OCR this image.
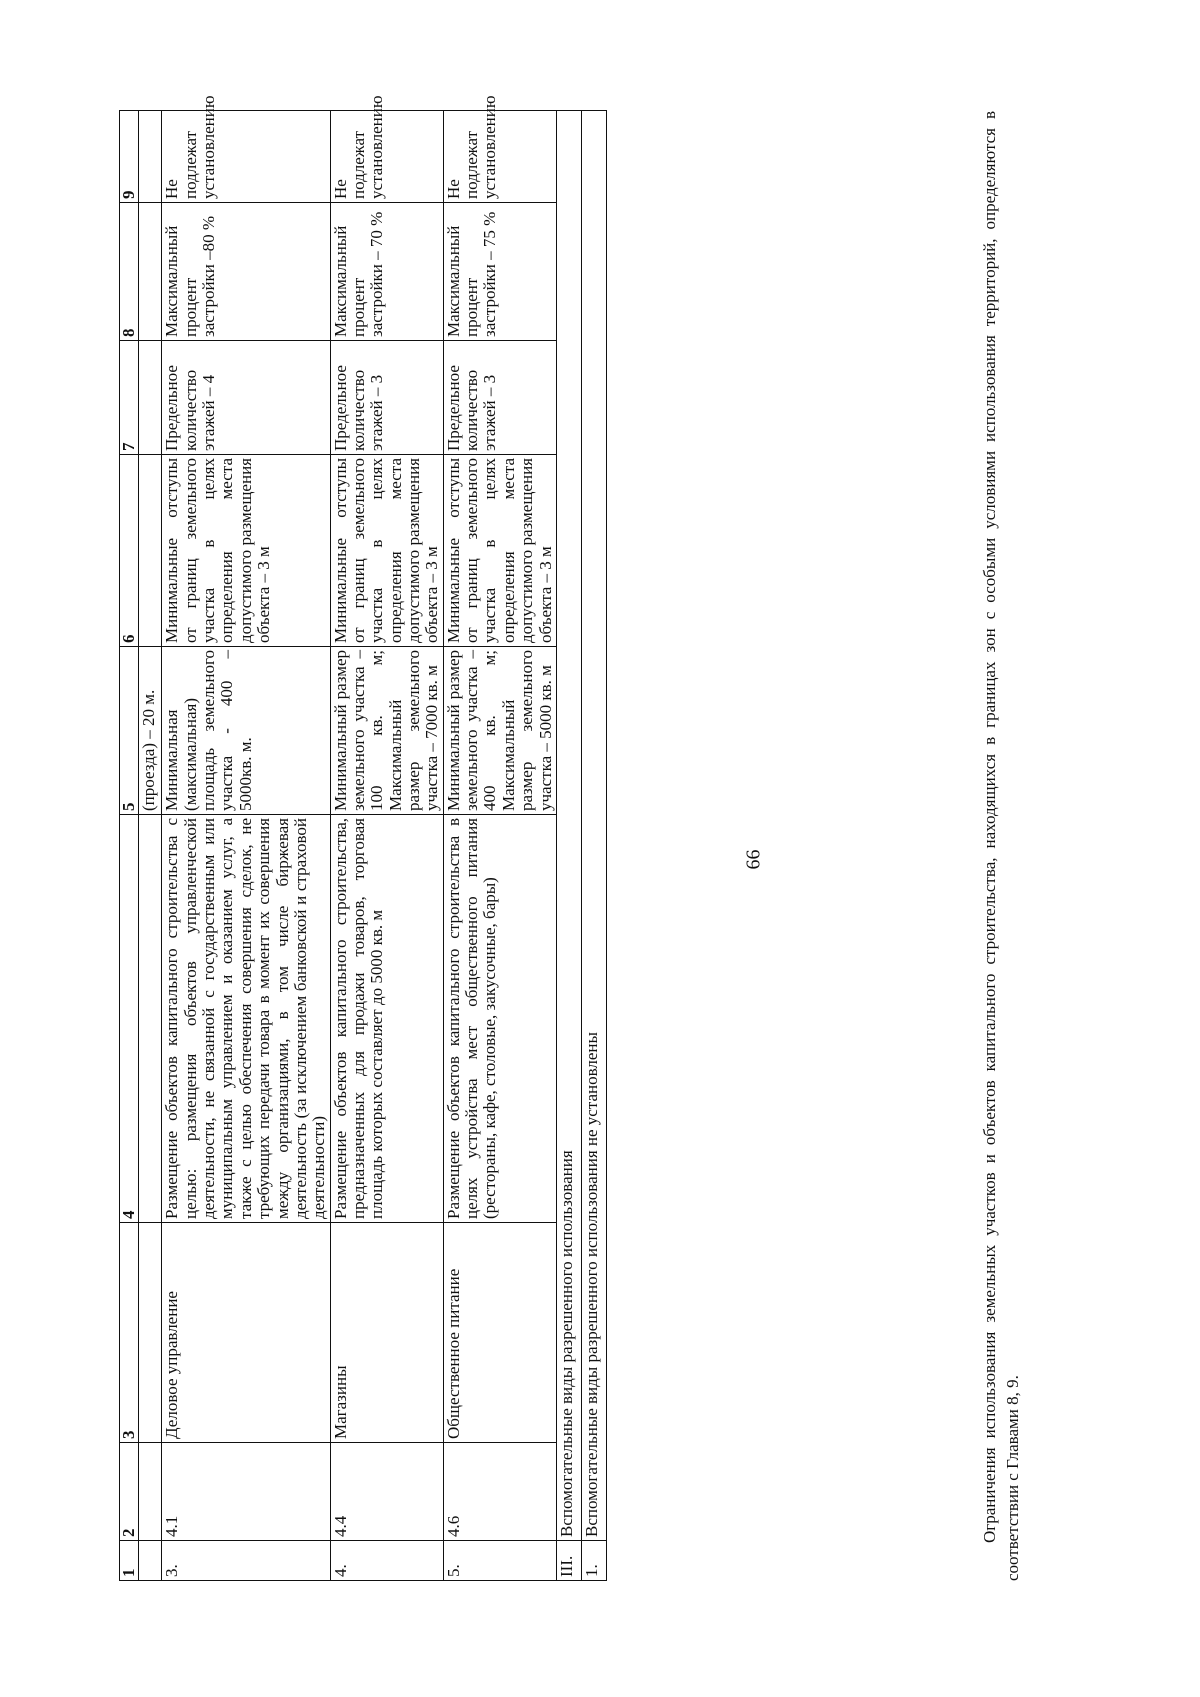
66
1	2	3	4	5	6	7	8	9
				(проезда) – 20 м.				
3.	4.1	Деловое управление	Размещение объектов капитального строительства с целью: размещения объектов управленческой деятельности, не связанной с государственным или муниципальным управлением и оказанием услуг, а также с целью обеспечения совершения сделок, не требующих передачи товара в момент их совершения между организациями, в том числе биржевая деятельность (за исключением банковской и страховой деятельности)	Минимальная (максимальная) площадь земельного участка - 400 – 5000кв. м.	Минимальные отступы от границ земельного участка в целях определения места допустимого размещения объекта – 3 м	Предельное количество этажей – 4	Максимальный процент застройки –80 %	Не подлежат установлению
4.	4.4	Магазины	Размещение объектов капитального строительства, предназначенных для продажи товаров, торговая площадь которых составляет до 5000 кв. м	Минимальный размер земельного участка – 100 кв. м; Максимальный размер земельного участка – 7000 кв. м	Минимальные отступы от границ земельного участка в целях определения места допустимого размещения объекта – 3 м	Предельное количество этажей – 3	Максимальный процент застройки – 70 %	Не подлежат установлению
5.	4.6	Общественное питание	Размещение объектов капитального строительства в целях устройства мест общественного питания (рестораны, кафе, столовые, закусочные, бары)	Минимальный размер земельного участка – 400 кв. м; Максимальный размер земельного участка – 5000 кв. м	Минимальные отступы от границ земельного участка в целях определения места допустимого размещения объекта – 3 м	Предельное количество этажей – 3	Максимальный процент застройки – 75 %	Не подлежат установлению
III.	Вспомогательные виды разрешенного использования							
1.	Вспомогательные виды разрешенного использования не установлены								Ограничения использования земельных участков и объектов капитального строительства, находящихся в границах зон с особыми условиями использования территорий, определяются в соответствии с Главами 8, 9.
